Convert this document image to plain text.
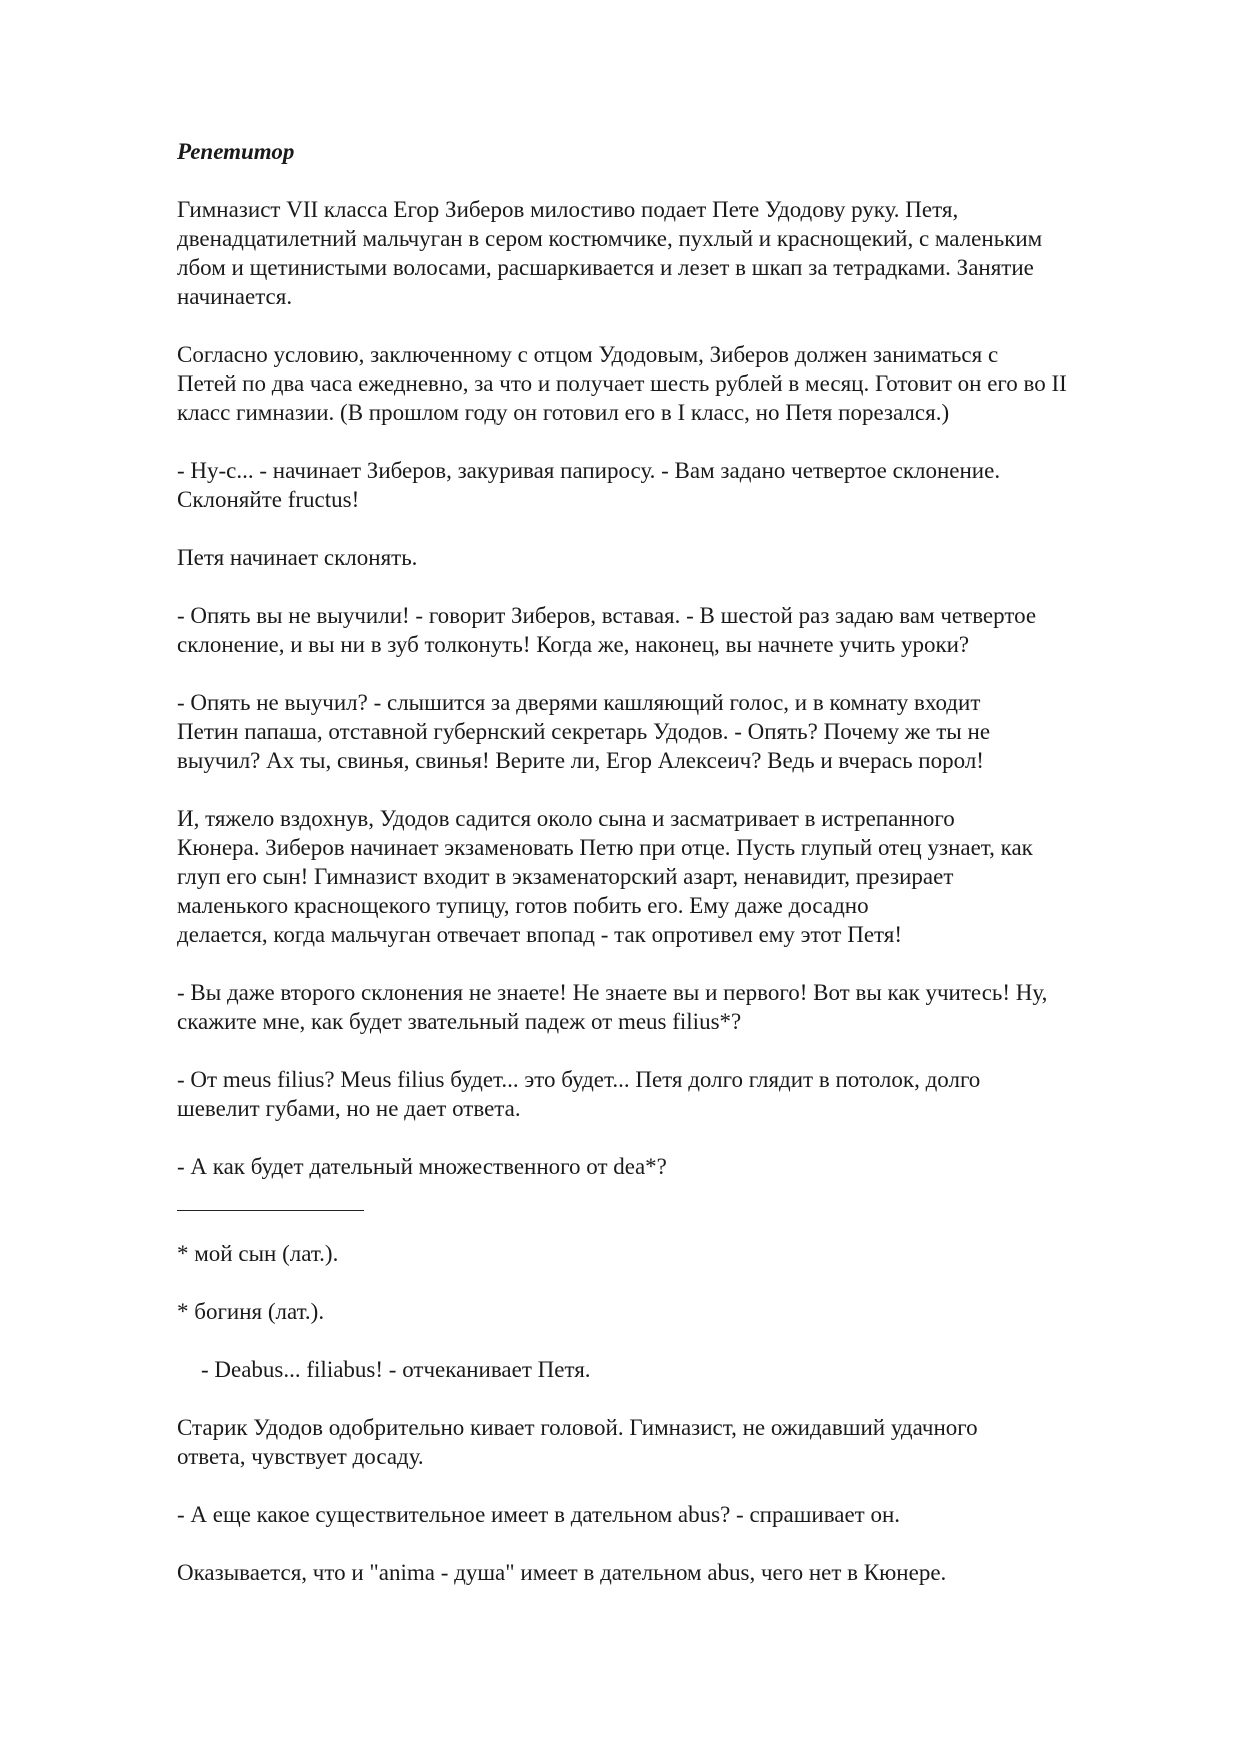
Репетитор
Гимназист VII класса Егор Зиберов милостиво подает Пете Удодову руку. Петя,
двенадцатилетний мальчуган в сером костюмчике, пухлый и краснощекий, с маленьким
лбом и щетинистыми волосами, расшаркивается и лезет в шкап за тетрадками. Занятие
начинается.
Согласно условию, заключенному с отцом Удодовым, Зиберов должен заниматься с
Петей по два часа ежедневно, за что и получает шесть рублей в месяц. Готовит он его во II
класс гимназии. (В прошлом году он готовил его в I класс, но Петя порезался.)
- Ну-с... - начинает Зиберов, закуривая папиросу. - Вам задано четвертое склонение.
Склоняйте fructus!
Петя начинает склонять.
- Опять вы не выучили! - говорит Зиберов, вставая. - В шестой раз задаю вам четвертое
склонение, и вы ни в зуб толконуть! Когда же, наконец, вы начнете учить уроки?
- Опять не выучил? - слышится за дверями кашляющий голос, и в комнату входит
Петин папаша, отставной губернский секретарь Удодов. - Опять? Почему же ты не
выучил? Ах ты, свинья, свинья! Верите ли, Егор Алексеич? Ведь и вчерась порол!
И, тяжело вздохнув, Удодов садится около сына и засматривает в истрепанного
Кюнера. Зиберов начинает экзаменовать Петю при отце. Пусть глупый отец узнает, как
глуп его сын! Гимназист входит в экзаменаторский азарт, ненавидит, презирает
маленького краснощекого тупицу, готов побить его. Ему даже досадно
делается, когда мальчуган отвечает впопад - так опротивел ему этот Петя!
- Вы даже второго склонения не знаете! Не знаете вы и первого! Вот вы как учитесь! Ну,
скажите мне, как будет звательный падеж от meus filius*?
- От meus filius? Meus filius будет... это будет... Петя долго глядит в потолок, долго
шевелит губами, но не дает ответа.
- А как будет дательный множественного от dea*?
* мой сын (лат.).
* богиня (лат.).
- Deabus... filiabus! - отчеканивает Петя.
Старик Удодов одобрительно кивает головой. Гимназист, не ожидавший удачного
ответа, чувствует досаду.
- А еще какое существительное имеет в дательном abus? - спрашивает он.
Оказывается, что и "anima - душа" имеет в дательном abus, чего нет в Кюнере.
